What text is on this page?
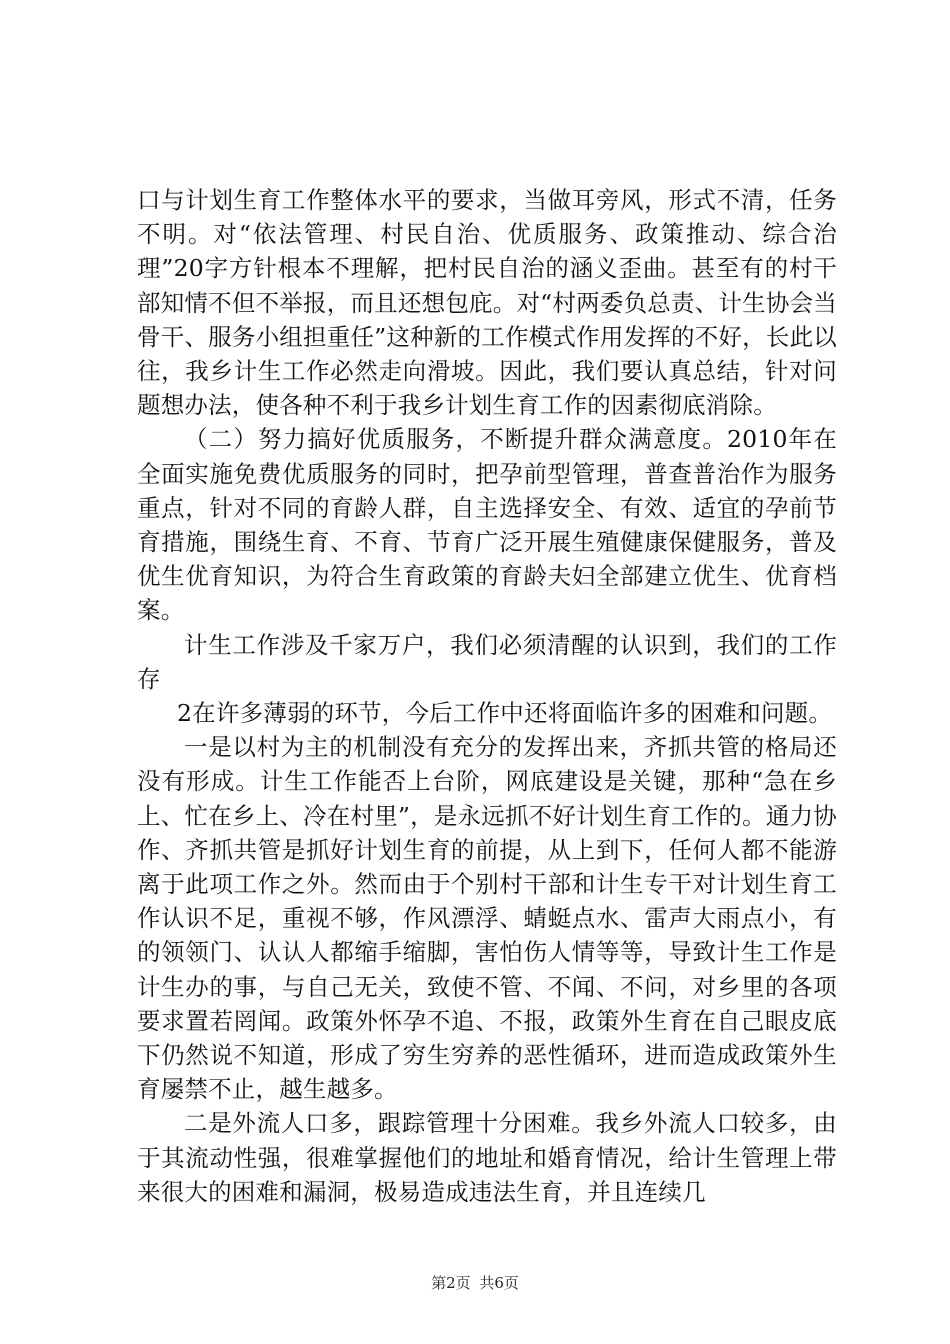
口与计划生育工作整体水平的要求，当做耳旁风，形式不清，任务不明。对“依法管理、村民自治、优质服务、政策推动、综合治理”20字方针根本不理解，把村民自治的涵义歪曲。甚至有的村干部知情不但不举报，而且还想包庇。对“村两委负总责、计生协会当骨干、服务小组担重任”这种新的工作模式作用发挥的不好，长此以往，我乡计生工作必然走向滑坡。因此，我们要认真总结，针对问题想办法，使各种不利于我乡计划生育工作的因素彻底消除。

（二）努力搞好优质服务，不断提升群众满意度。2010年在全面实施免费优质服务的同时，把孕前型管理，普查普治作为服务重点，针对不同的育龄人群，自主选择安全、有效、适宜的孕前节育措施，围绕生育、不育、节育广泛开展生殖健康保健服务，普及优生优育知识，为符合生育政策的育龄夫妇全部建立优生、优育档案。

计生工作涉及千家万户，我们必须清醒的认识到，我们的工作存

2在许多薄弱的环节，今后工作中还将面临许多的困难和问题。

一是以村为主的机制没有充分的发挥出来，齐抓共管的格局还没有形成。计生工作能否上台阶，网底建设是关键，那种“急在乡上、忙在乡上、冷在村里”，是永远抓不好计划生育工作的。通力协作、齐抓共管是抓好计划生育的前提，从上到下，任何人都不能游离于此项工作之外。然而由于个别村干部和计生专干对计划生育工作认识不足，重视不够，作风漂浮、蜻蜓点水、雷声大雨点小，有的领领门、认认人都缩手缩脚，害怕伤人情等等，导致计生工作是计生办的事，与自己无关，致使不管、不闻、不问，对乡里的各项要求置若罔闻。政策外怀孕不追、不报，政策外生育在自己眼皮底下仍然说不知道，形成了穷生穷养的恶性循环，进而造成政策外生育屡禁不止，越生越多。

二是外流人口多，跟踪管理十分困难。我乡外流人口较多，由于其流动性强，很难掌握他们的地址和婚育情况，给计生管理上带来很大的困难和漏洞，极易造成违法生育，并且连续几

第2页 共6页
